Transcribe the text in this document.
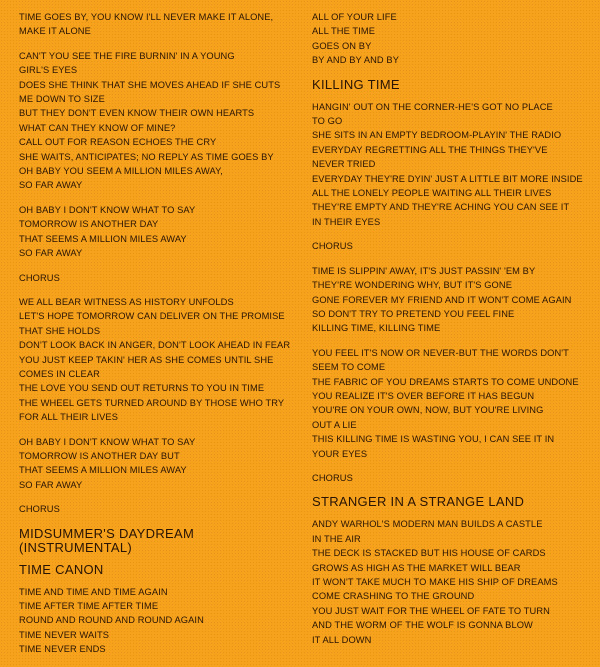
TIME GOES BY, YOU KNOW I'LL NEVER MAKE IT ALONE,
MAKE IT ALONE
CAN'T YOU SEE THE FIRE BURNIN' IN A YOUNG
GIRL'S EYES
DOES SHE THINK THAT SHE MOVES AHEAD IF SHE CUTS
ME DOWN TO SIZE
BUT THEY DON'T EVEN KNOW THEIR OWN HEARTS
WHAT CAN THEY KNOW OF MINE?
CALL OUT FOR REASON ECHOES THE CRY
SHE WAITS, ANTICIPATES; NO REPLY AS TIME GOES BY
OH BABY YOU SEEM A MILLION MILES AWAY,
SO FAR AWAY
OH BABY I DON'T KNOW WHAT TO SAY
TOMORROW IS ANOTHER DAY
THAT SEEMS A MILLION MILES AWAY
SO FAR AWAY
CHORUS
WE ALL BEAR WITNESS AS HISTORY UNFOLDS
LET'S HOPE TOMORROW CAN DELIVER ON THE PROMISE
THAT SHE HOLDS
DON'T LOOK BACK IN ANGER, DON'T LOOK AHEAD IN FEAR
YOU JUST KEEP TAKIN' HER AS SHE COMES UNTIL SHE
COMES IN CLEAR
THE LOVE YOU SEND OUT RETURNS TO YOU IN TIME
THE WHEEL GETS TURNED AROUND BY THOSE WHO TRY
FOR ALL THEIR LIVES
OH BABY I DON'T KNOW WHAT TO SAY
TOMORROW IS ANOTHER DAY BUT
THAT SEEMS A MILLION MILES AWAY
SO FAR AWAY
CHORUS
MIDSUMMER'S DAYDREAM
(INSTRUMENTAL)
TIME CANON
TIME AND TIME AND TIME AGAIN
TIME AFTER TIME AFTER TIME
ROUND AND ROUND AND ROUND AGAIN
TIME NEVER WAITS
TIME NEVER ENDS
ALL OF YOUR LIFE
ALL THE TIME
GOES ON BY
BY AND BY AND BY
KILLING TIME
HANGIN' OUT ON THE CORNER-HE'S GOT NO PLACE
TO GO
SHE SITS IN AN EMPTY BEDROOM-PLAYIN' THE RADIO
EVERYDAY REGRETTING ALL THE THINGS THEY'VE
NEVER TRIED
EVERYDAY THEY'RE DYIN' JUST A LITTLE BIT MORE INSIDE
ALL THE LONELY PEOPLE WAITING ALL THEIR LIVES
THEY'RE EMPTY AND THEY'RE ACHING YOU CAN SEE IT
IN THEIR EYES
CHORUS
TIME IS SLIPPIN' AWAY, IT'S JUST PASSIN' 'EM BY
THEY'RE WONDERING WHY, BUT IT'S GONE
GONE FOREVER MY FRIEND AND IT WON'T COME AGAIN
SO DON'T TRY TO PRETEND YOU FEEL FINE
KILLING TIME, KILLING TIME
YOU FEEL IT'S NOW OR NEVER-BUT THE WORDS DON'T
SEEM TO COME
THE FABRIC OF YOU DREAMS STARTS TO COME UNDONE
YOU REALIZE IT'S OVER BEFORE IT HAS BEGUN
YOU'RE ON YOUR OWN, NOW, BUT YOU'RE LIVING
OUT A LIE
THIS KILLING TIME IS WASTING YOU, I CAN SEE IT IN
YOUR EYES
CHORUS
STRANGER IN A STRANGE LAND
ANDY WARHOL'S MODERN MAN BUILDS A CASTLE
IN THE AIR
THE DECK IS STACKED BUT HIS HOUSE OF CARDS
GROWS AS HIGH AS THE MARKET WILL BEAR
IT WON'T TAKE MUCH TO MAKE HIS SHIP OF DREAMS
COME CRASHING TO THE GROUND
YOU JUST WAIT FOR THE WHEEL OF FATE TO TURN
AND THE WORM OF THE WOLF IS GONNA BLOW
IT ALL DOWN
